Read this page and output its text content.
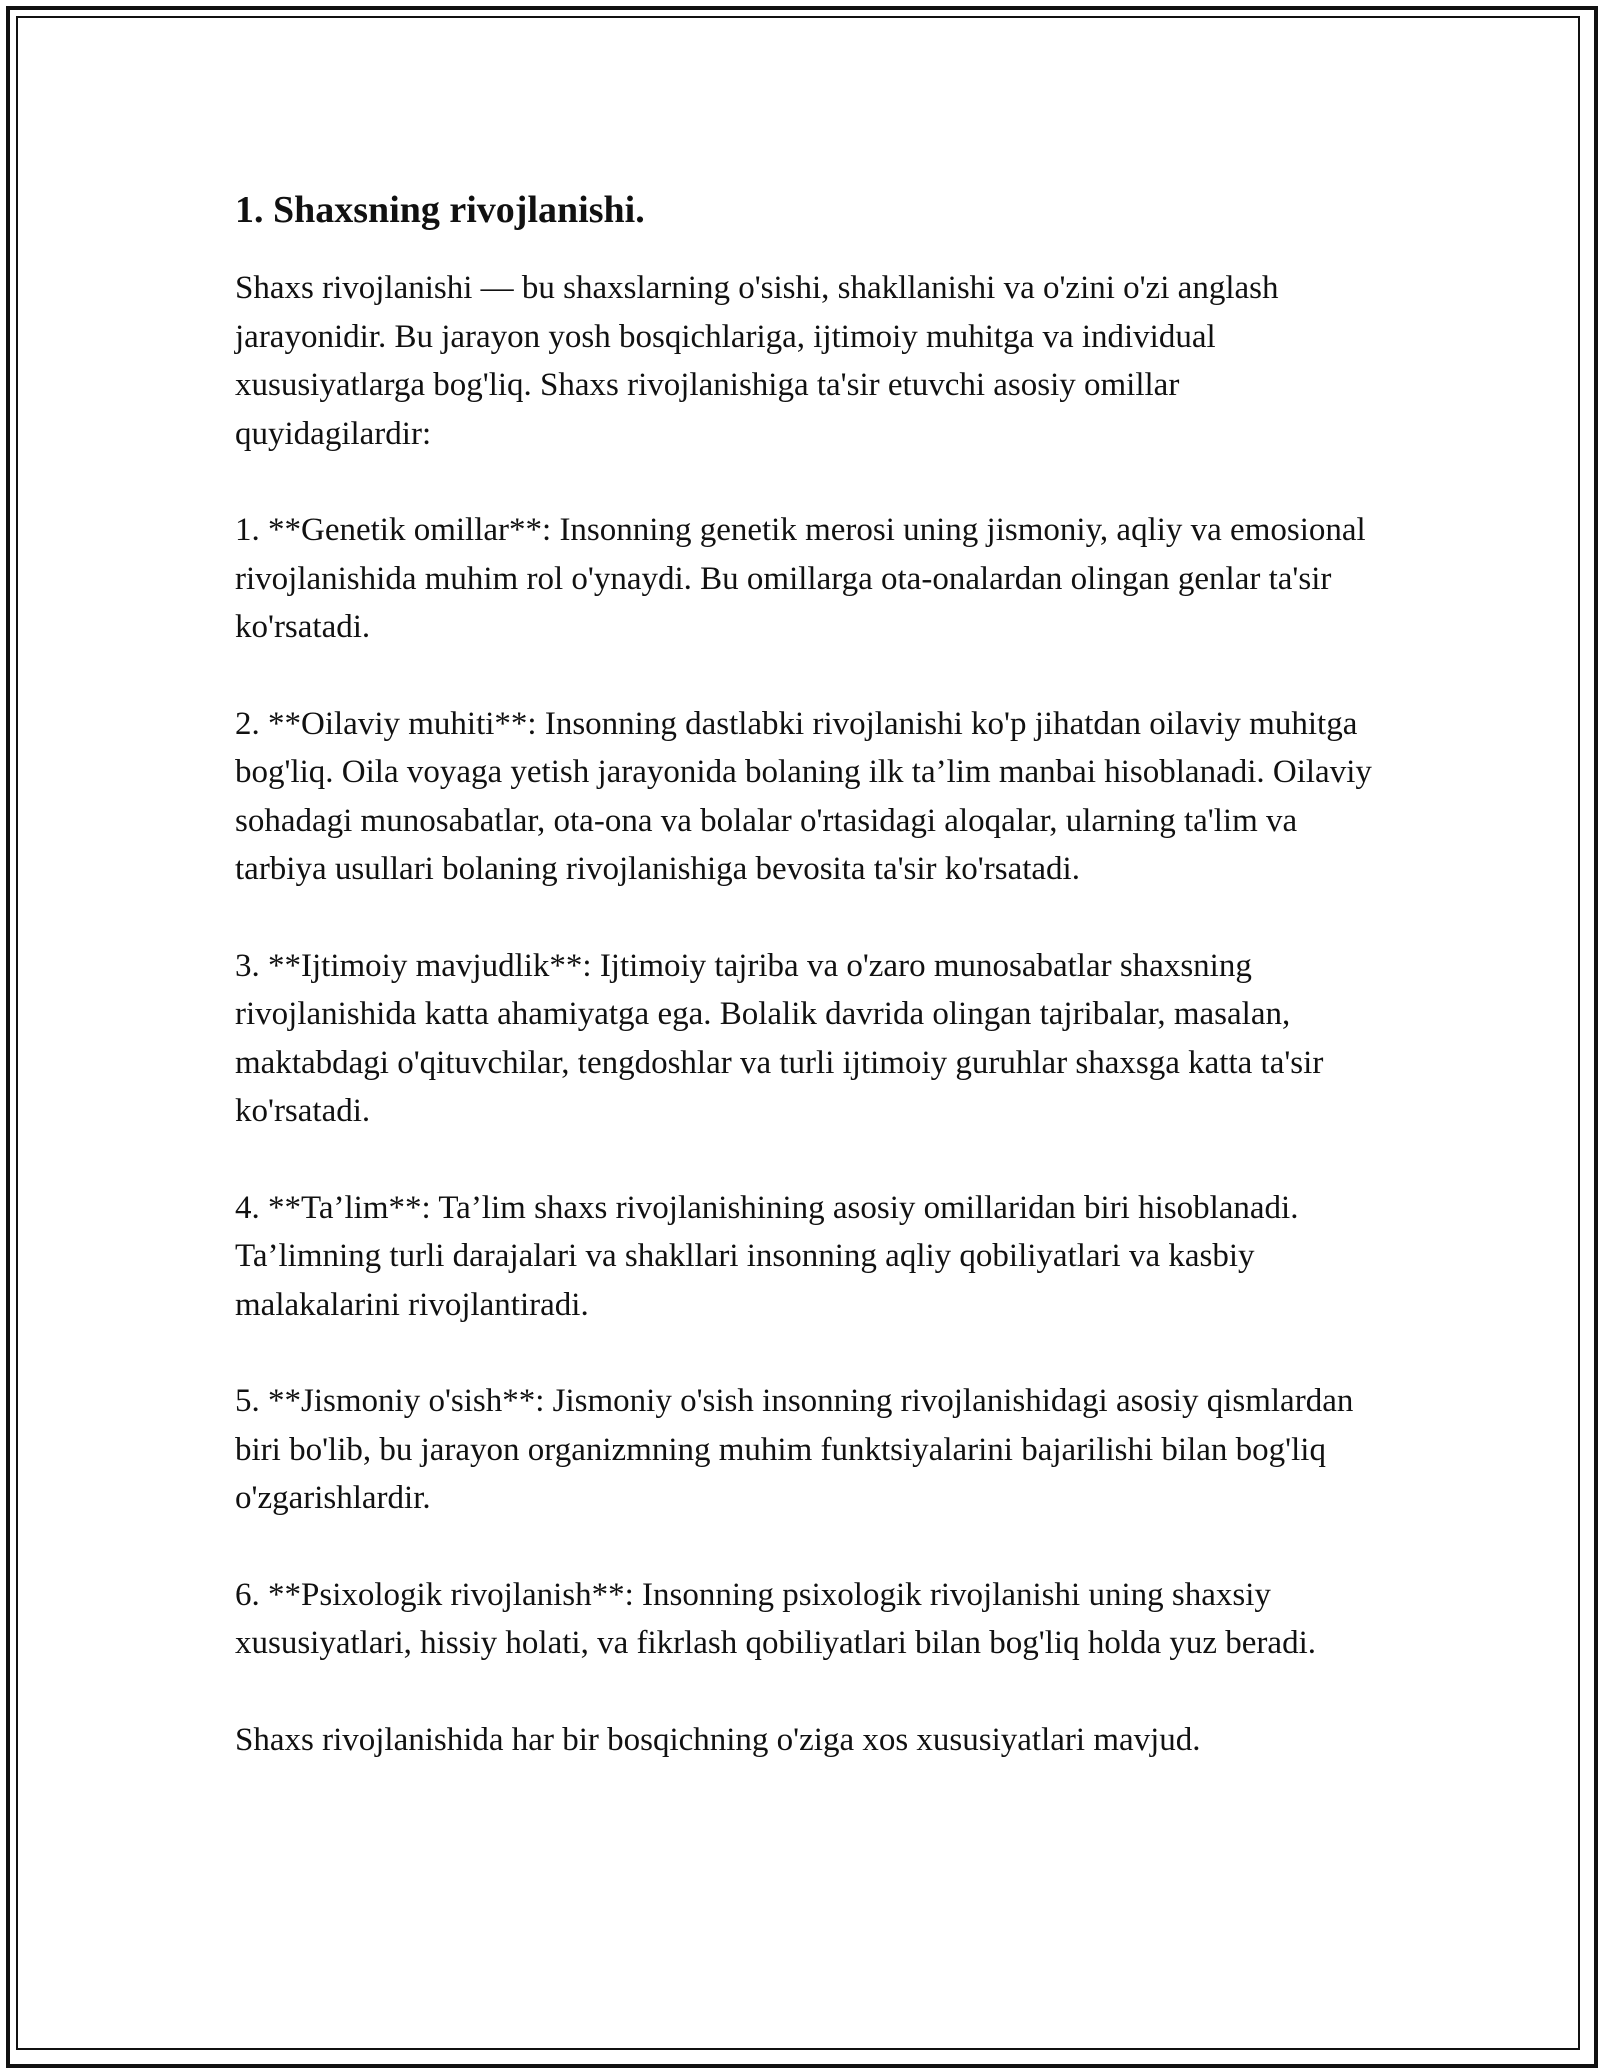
1. Shaxsning rivojlanishi.

Shaxs rivojlanishi — bu shaxslarning o'sishi, shakllanishi va o'zini o'zi anglash jarayonidir. Bu jarayon yosh bosqichlariga, ijtimoiy muhitga va individual xususiyatlarga bog'liq. Shaxs rivojlanishiga ta'sir etuvchi asosiy omillar quyidagilardir:

1. **Genetik omillar**: Insonning genetik merosi uning jismoniy, aqliy va emosional rivojlanishida muhim rol o'ynaydi. Bu omillarga ota-onalardan olingan genlar ta'sir ko'rsatadi.

2. **Oilaviy muhiti**: Insonning dastlabki rivojlanishi ko'p jihatdan oilaviy muhitga bog'liq. Oila voyaga yetish jarayonida bolaning ilk ta’lim manbai hisoblanadi. Oilaviy sohadagi munosabatlar, ota-ona va bolalar o'rtasidagi aloqalar, ularning ta'lim va tarbiya usullari bolaning rivojlanishiga bevosita ta'sir ko'rsatadi.

3. **Ijtimoiy mavjudlik**: Ijtimoiy tajriba va o'zaro munosabatlar shaxsning rivojlanishida katta ahamiyatga ega. Bolalik davrida olingan tajribalar, masalan, maktabdagi o'qituvchilar, tengdoshlar va turli ijtimoiy guruhlar shaxsga katta ta'sir ko'rsatadi.

4. **Ta’lim**: Ta’lim shaxs rivojlanishining asosiy omillaridan biri hisoblanadi. Ta’limning turli darajalari va shakllari insonning aqliy qobiliyatlari va kasbiy malakalarini rivojlantiradi.

5. **Jismoniy o'sish**: Jismoniy o'sish insonning rivojlanishidagi asosiy qismlardan biri bo'lib, bu jarayon organizmning muhim funktsiyalarini bajarilishi bilan bog'liq o'zgarishlardir.

6. **Psixologik rivojlanish**: Insonning psixologik rivojlanishi uning shaxsiy xususiyatlari, hissiy holati, va fikrlash qobiliyatlari bilan bog'liq holda yuz beradi.

Shaxs rivojlanishida har bir bosqichning o'ziga xos xususiyatlari mavjud.
